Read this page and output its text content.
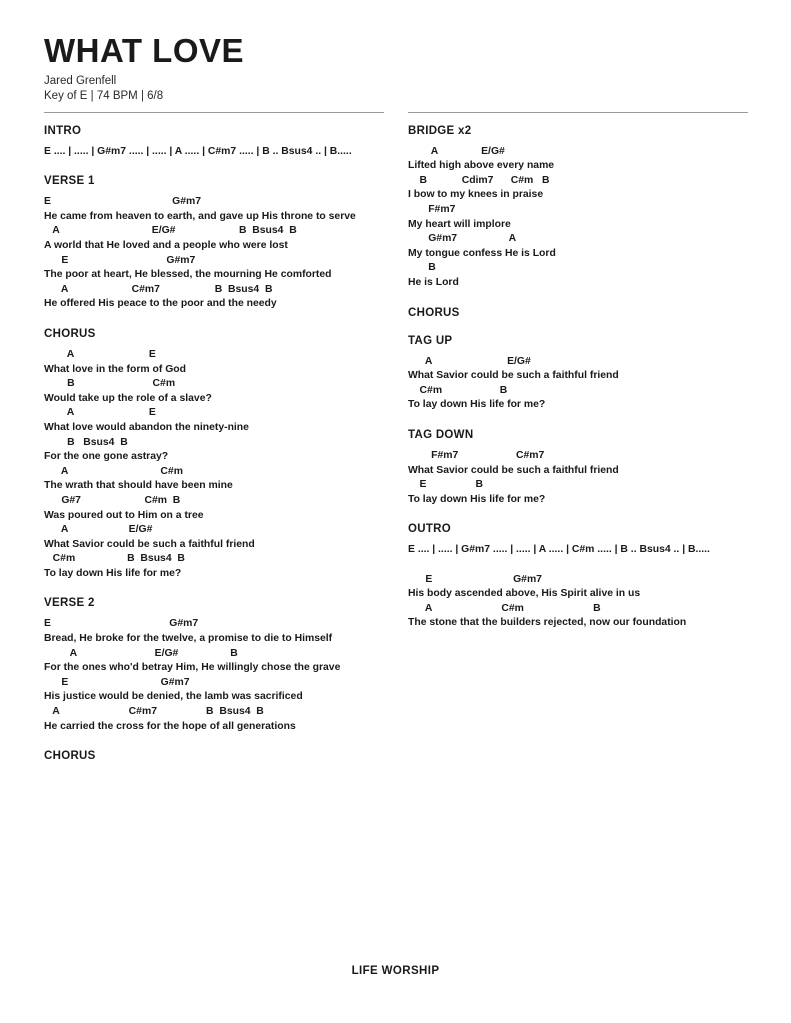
WHAT LOVE
Jared Grenfell
Key of E | 74 BPM | 6/8
INTRO
E .... | ..... | G#m7 ..... | ..... | A ..... | C#m7 ..... | B .. Bsus4 .. | B.....
VERSE 1
E                                          G#m7
He came from heaven to earth, and gave up His throne to serve
A                                E/G#                      B  Bsus4  B
A world that He loved and a people who were lost
E                                  G#m7
The poor at heart, He blessed, the mourning He comforted
A                      C#m7                   B  Bsus4  B
He offered His peace to the poor and the needy
CHORUS
A                          E
What love in the form of God
B                           C#m
Would take up the role of a slave?
A                          E
What love would abandon the ninety-nine
B   Bsus4  B
For the one gone astray?
A                                C#m
The wrath that should have been mine
G#7                      C#m  B
Was poured out to Him on a tree
A                     E/G#
What Savior could be such a faithful friend
C#m                  B  Bsus4  B
To lay down His life for me?
VERSE 2
E                                         G#m7
Bread, He broke for the twelve, a promise to die to Himself
A                           E/G#                  B
For the ones who'd betray Him, He willingly chose the grave
E                                G#m7
His justice would be denied, the lamb was sacrificed
A                        C#m7                 B  Bsus4  B
He carried the cross for the hope of all generations
CHORUS
BRIDGE x2
A               E/G#
Lifted high above every name
B            Cdim7      C#m   B
I bow to my knees in praise
F#m7
My heart will implore
G#m7                  A
My tongue confess He is Lord
B
He is Lord
CHORUS
TAG UP
A                          E/G#
What Savior could be such a faithful friend
C#m                    B
To lay down His life for me?
TAG DOWN
F#m7                    C#m7
What Savior could be such a faithful friend
E                 B
To lay down His life for me?
OUTRO
E .... | ..... | G#m7 ..... | ..... | A ..... | C#m ..... | B .. Bsus4 .. | B.....

E                            G#m7
His body ascended above, His Spirit alive in us
A                        C#m                        B
The stone that the builders rejected, now our foundation
LIFE WORSHIP
